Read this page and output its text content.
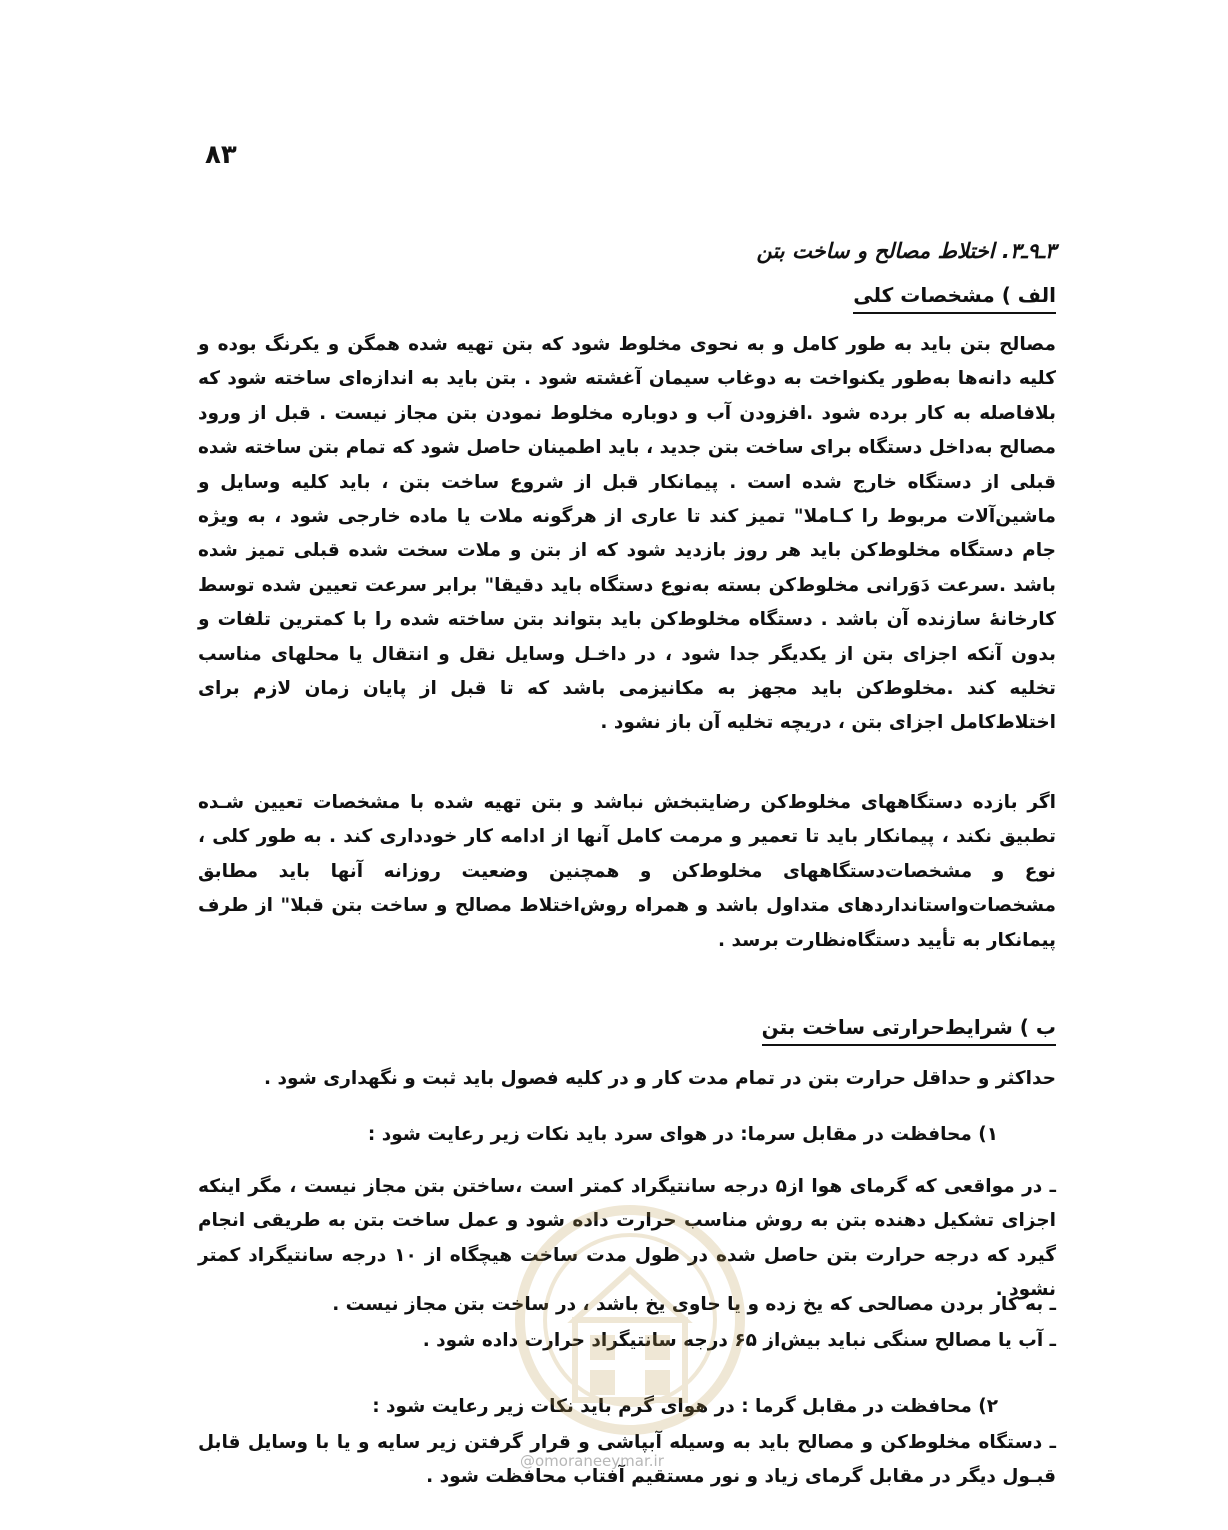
۸۳
۳ـ۹ـ۳. اختلاط مصالح و ساخت بتن
الف ) مشخصات کلی
مصالح بتن باید به طور کامل و به نحوی مخلوط شود که بتن تهیه شده همگن و یکرنگ بوده و کلیه دانه‌ها به‌طور یکنواخت به دوغاب سیمان آغشته شود . بتن باید به اندازه‌ای ساخته شود که بلافاصله به کار برده شود .افزودن آب و دوباره مخلوط نمودن بتن مجاز نیست . قبل از ورود مصالح به‌داخل دستگاه برای ساخت بتن جدید ، باید اطمینان حاصل شود که تمام بتن ساخته شده قبلی از دستگاه خارج شده است . پیمانکار قبل از شروع ساخت بتن ، باید کلیه وسایل و ماشین‌آلات مربوط را کـاملا" تمیز کند تا عاری از هرگونه ملات یا ماده خارجی شود ، به ویژه جام دستگاه مخلوط‌کن باید هر روز بازدید شود که از بتن و ملات سخت شده قبلی تمیز شده باشد .سرعت دَوَرانی مخلوط‌کن بسته به‌نوع دستگاه باید دقیقا" برابر سرعت تعیین شده توسط کارخانه‌ٔ سازنده آن باشد . دستگاه مخلوط‌کن باید بتواند بتن ساخته شده را با کمترین تلفات و بدون آنکه اجزای بتن از یکدیگر جدا شود ، در داخـل وسایل نقل و انتقال یا محلهای مناسب تخلیه کند .مخلوط‌کن باید مجهز به مکانیزمی باشد که تا قبل از پایان زمان لازم برای اختلاط‌کامل اجزای بتن ، دریچه تخلیه آن باز نشود .
اگر بازده دستگاههای مخلوط‌کن رضایتبخش نباشد و بتن تهیه شده با مشخصات تعیین شـده تطبیق نکند ، پیمانکار باید تا تعمیر و مرمت کامل آنها از ادامه کار خودداری کند . به طور کلی ، نوع و مشخصات‌دستگاههای مخلوط‌کن و همچنین وضعیت روزانه آنها باید مطابق مشخصات‌واستانداردهای متداول باشد و همراه روش‌اختلاط مصالح و ساخت بتن قبلا" از طرف پیمانکار به تأیید دستگاه‌نظارت برسد .
ب ) شرایط‌حرارتی ساخت بتن
حداکثر و حداقل حرارت بتن در تمام مدت کار و در کلیه فصول باید ثبت و نگهداری شود .
۱) محافظت در مقابل سرما: در هوای سرد باید نکات زیر رعایت شود :
ـ در مواقعی که گرمای هوا از۵ درجه سانتیگراد کمتر است ،ساختن بتن مجاز نیست ، مگر اینکه اجزای تشکیل دهنده بتن به روش مناسب حرارت داده شود و عمل ساخت بتن به طریقی انجام گیرد که درجه حرارت بتن حاصل شده در طول مدت ساخت هیچگاه از ۱۰ درجه سانتیگراد کمتر نشود .
ـ به کار بردن مصالحی که یخ زده و یا حاوی یخ باشد ، در ساخت بتن مجاز نیست .
ـ آب یا مصالح سنگی نباید بیش‌از ۶۵ درجه سانتیگراد حرارت داده شود .
۲) محافظت در مقابل گرما : در هوای گرم باید نکات زیر رعایت شود :
ـ دستگاه مخلوط‌کن و مصالح باید به وسیله آبپاشی و قرار گرفتن زیر سایه و یا با وسایل قابل قبـول دیگر در مقابل گرمای زیاد و نور مستقیم آفتاب محافظت شود .
@omoraneeymar.ir
